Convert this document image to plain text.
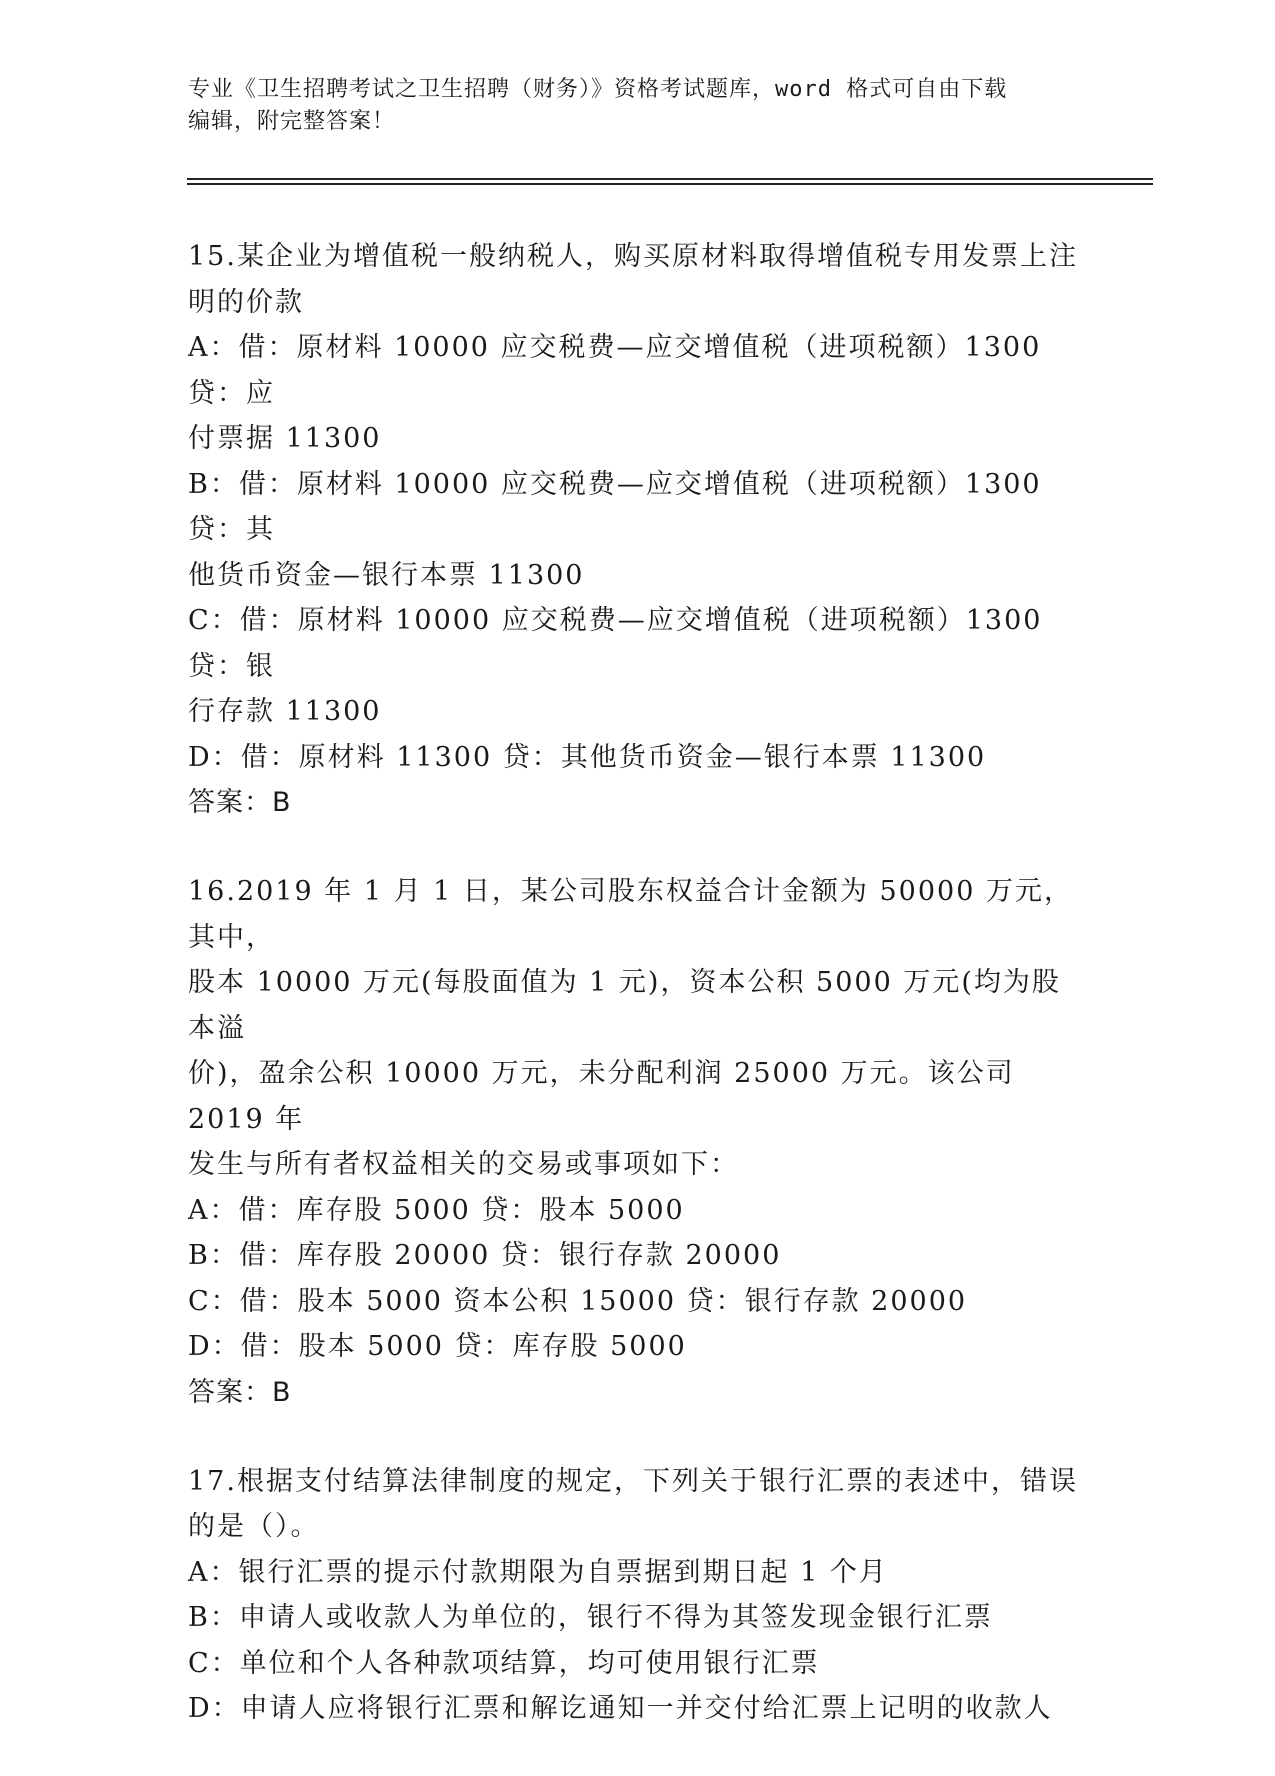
专业《卫生招聘考试之卫生招聘（财务）》资格考试题库，word 格式可自由下载
编辑，附完整答案！
15.某企业为增值税一般纳税人，购买原材料取得增值税专用发票上注
明的价款
A：借：原材料 10000 应交税费—应交增值税（进项税额）1300 贷：应
付票据 11300
B：借：原材料 10000 应交税费—应交增值税（进项税额）1300 贷：其
他货币资金—银行本票 11300
C：借：原材料 10000 应交税费—应交增值税（进项税额）1300 贷：银
行存款 11300
D：借：原材料 11300 贷：其他货币资金—银行本票 11300
答案：B
16.2019 年 1 月 1 日，某公司股东权益合计金额为 50000 万元，其中，
股本 10000 万元(每股面值为 1 元)，资本公积 5000 万元(均为股本溢
价)，盈余公积 10000 万元，未分配利润 25000 万元。该公司 2019 年
发生与所有者权益相关的交易或事项如下：
A：借：库存股 5000 贷：股本 5000
B：借：库存股 20000 贷：银行存款 20000
C：借：股本 5000 资本公积 15000 贷：银行存款 20000
D：借：股本 5000 贷：库存股 5000
答案：B
17.根据支付结算法律制度的规定，下列关于银行汇票的表述中，错误
的是（）。
A：银行汇票的提示付款期限为自票据到期日起 1 个月
B：申请人或收款人为单位的，银行不得为其签发现金银行汇票
C：单位和个人各种款项结算，均可使用银行汇票
D：申请人应将银行汇票和解讫通知一并交付给汇票上记明的收款人
